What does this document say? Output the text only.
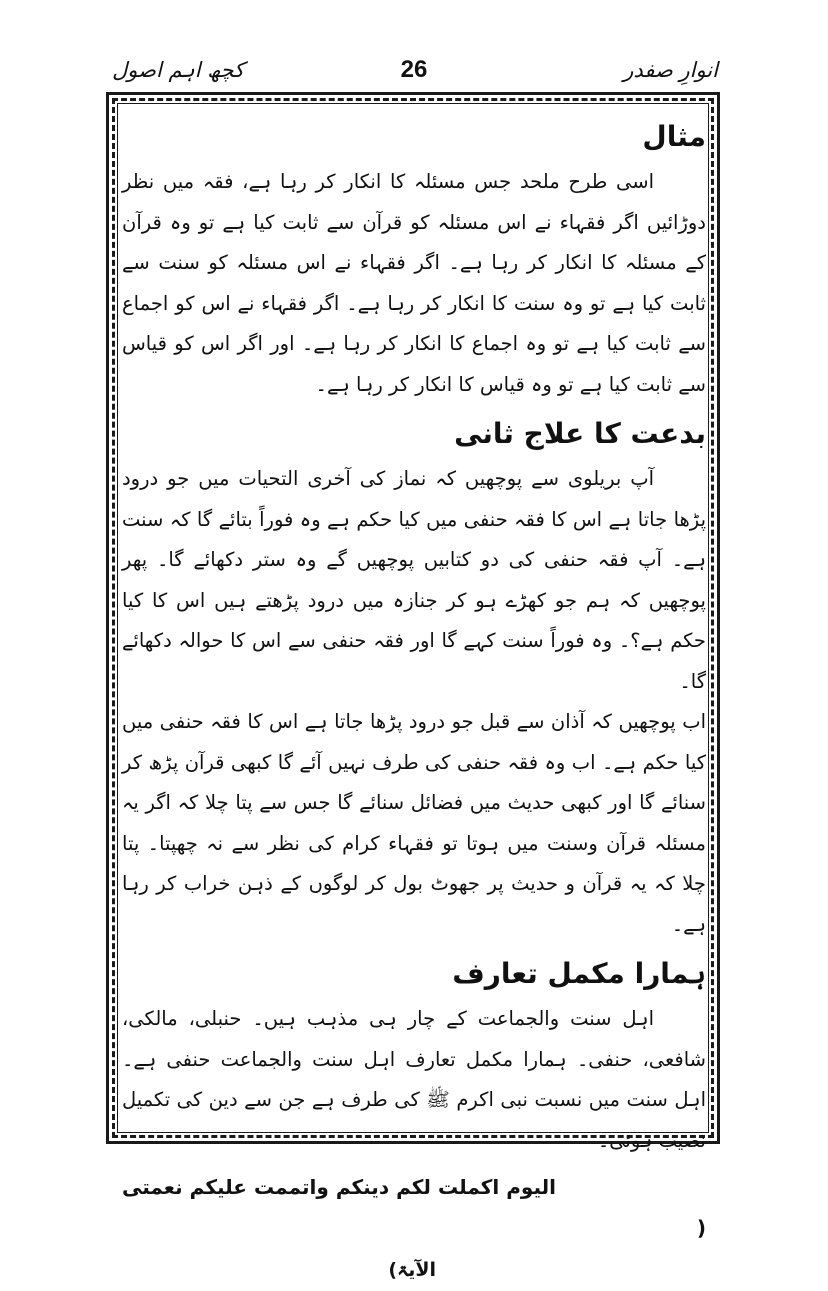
انوارِ صفدر
26
کچھ اہم اصول
مثال

اسی طرح ملحد جس مسئلہ کا انکار کر رہا ہے، فقہ میں نظر دوڑائیں اگر فقہاء نے اس مسئلہ کو قرآن سے ثابت کیا ہے تو وہ قرآن کے مسئلہ کا انکار کر رہا ہے۔ اگر فقہاء نے اس مسئلہ کو سنت سے ثابت کیا ہے تو وہ سنت کا انکار کر رہا ہے۔ اگر فقہاء نے اس کو اجماع سے ثابت کیا ہے تو وہ اجماع کا انکار کر رہا ہے۔ اور اگر اس کو قیاس سے ثابت کیا ہے تو وہ قیاس کا انکار کر رہا ہے۔

بدعت کا علاج ثانی

آپ بریلوی سے پوچھیں کہ نماز کی آخری التحیات میں جو درود پڑھا جاتا ہے اس کا فقہ حنفی میں کیا حکم ہے وہ فوراً بتائے گا کہ سنت ہے۔ آپ فقہ حنفی کی دو کتابیں پوچھیں گے وہ ستر دکھائے گا۔ پھر پوچھیں کہ ہم جو کھڑے ہو کر جنازہ میں درود پڑھتے ہیں اس کا کیا حکم ہے؟۔ وہ فوراً سنت کہے گا اور فقہ حنفی سے اس کا حوالہ دکھائے گا۔

اب پوچھیں کہ آذان سے قبل جو درود پڑھا جاتا ہے اس کا فقہ حنفی میں کیا حکم ہے۔ اب وہ فقہ حنفی کی طرف نہیں آئے گا کبھی قرآن پڑھ کر سنائے گا اور کبھی حدیث میں فضائل سنائے گا جس سے پتا چلا کہ اگر یہ مسئلہ قرآن وسنت میں ہوتا تو فقہاء کرام کی نظر سے نہ چھپتا۔ پتا چلا کہ یہ قرآن و حدیث پر جھوٹ بول کر لوگوں کے ذہن خراب کر رہا ہے۔

ہمارا مکمل تعارف

اہل سنت والجماعت کے چار ہی مذہب ہیں۔ حنبلی، مالکی، شافعی، حنفی۔ ہمارا مکمل تعارف اہل سنت والجماعت حنفی ہے۔ اہل سنت میں نسبت نبی اکرم ﷺ کی طرف ہے جن سے دین کی تکمیل نصیب ہوئی۔

الیوم اکملت لکم دینکم واتممت علیکم نعمتی (

الآیۃ)
